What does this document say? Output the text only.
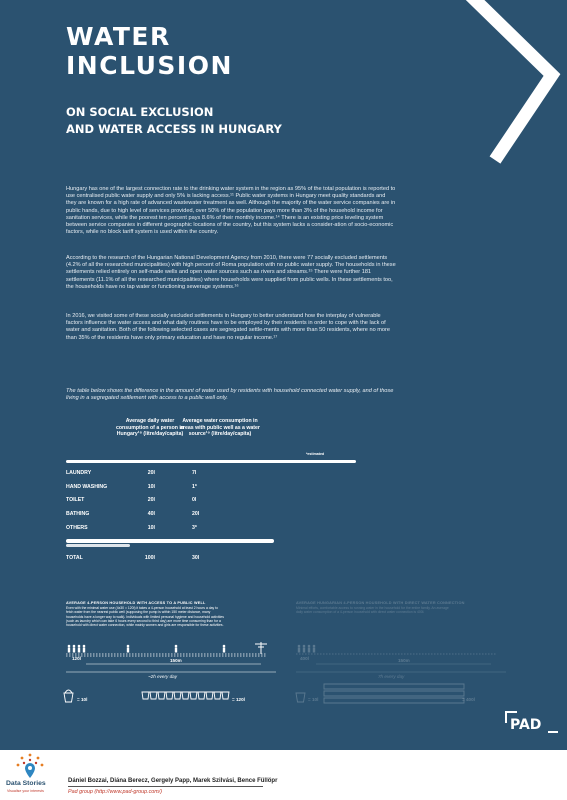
WATER
INCLUSION
ON SOCIAL EXCLUSION
AND WATER ACCESS IN HUNGARY

Hungary has one of the largest connection rate to the drinking water system in the region as 95% of the total population is reported to use centralised public water supply and only 5% is lacking access.¹¹ Public water systems in Hungary meet quality standards and they are known for a high rate of advanced wastewater treatment as well. Although the majority of the water service companies are in public hands, due to high level of services provided, over 50% of the population pays more than 3% of the household income for sanitation services, while the poorest ten percent pays 8.6% of their monthly income.¹⁴ There is an existing price leveling system between service companies in different geographic locations of the country, but this system lacks a consider-ation of socio-economic factors, while no block tariff system is used within the country.

According to the research of the Hungarian National Development Agency from 2010, there were 77 socially excluded settlements (4.2% of all the researched municipalities) with high percent of Roma population with no public water supply. The households in these settlements relied entirely on self-made wells and open water sources such as rivers and streams.¹⁵ There were further 181 settlements (11.1% of all the researched municipalities) where households were supplied from public wells. In these settlements too, the households have no tap water or functioning sewerage systems.¹⁶

In 2016, we visited some of these socially excluded settlements in Hungary to better understand how the interplay of vulnerable factors influence the water access and what daily routines have to be employed by their residents in order to cope with the lack of water and sanitation. Both of the following selected cases are segregated settle-ments with more than 50 residents, where no more than 35% of the residents have only primary education and have no regular income.¹⁷

The table below shows the difference in the amount of water used by residents with household connected water supply, and of those living in a segregated settlement with access to a public well only.

Average daily water consumption of a person in Hungary¹⁸ (litre/day/capita)
Average water consumption in areas with public well as a water source¹⁹ (litre/day/capita)
*estimated
LAUNDRY	20l	7l
HAND WASHING	10l	1*
TOILET	20l	0l
BATHING	40l	20l
OTHERS	10l	3*
TOTAL	100l	30l
AVERAGE 4-PERSON HOUSEHOLD WITH ACCESS TO A PUBLIC WELL
Even with the minimal water use (4x30 = 120l) it takes a 4-person household at least 2 hours a day to fetch water from the nearest public well (supposing the pump is within 150 meter distance, many households have a longer way to walk). Individuals with limited personal hygiene and household activities (such as laundry which can take 6 hours every second to third day) are more time consuming than for a household with direct water connection, while mainly women and girls are responsible for these activities.
AVERAGE HUNGARIAN 4-PERSON HOUSEHOLD WITH DIRECT WATER CONNECTION
Minimal efforts, comfortable access to running water in the household for the entire family. An average daily water consumption of a 4-person household with direct water connection is 400l.
120l	150m
~2h every day
400l	150m
7h every day
= 10l	= 120l	= 10l	= 400l
PAD
Data Stories
Visualise your interests
Dániel Bozzai, Diána Berecz, Gergely Papp, Marek Szilvási, Bence Füllöpr
Pad group (http://www.pad-group.com/)
